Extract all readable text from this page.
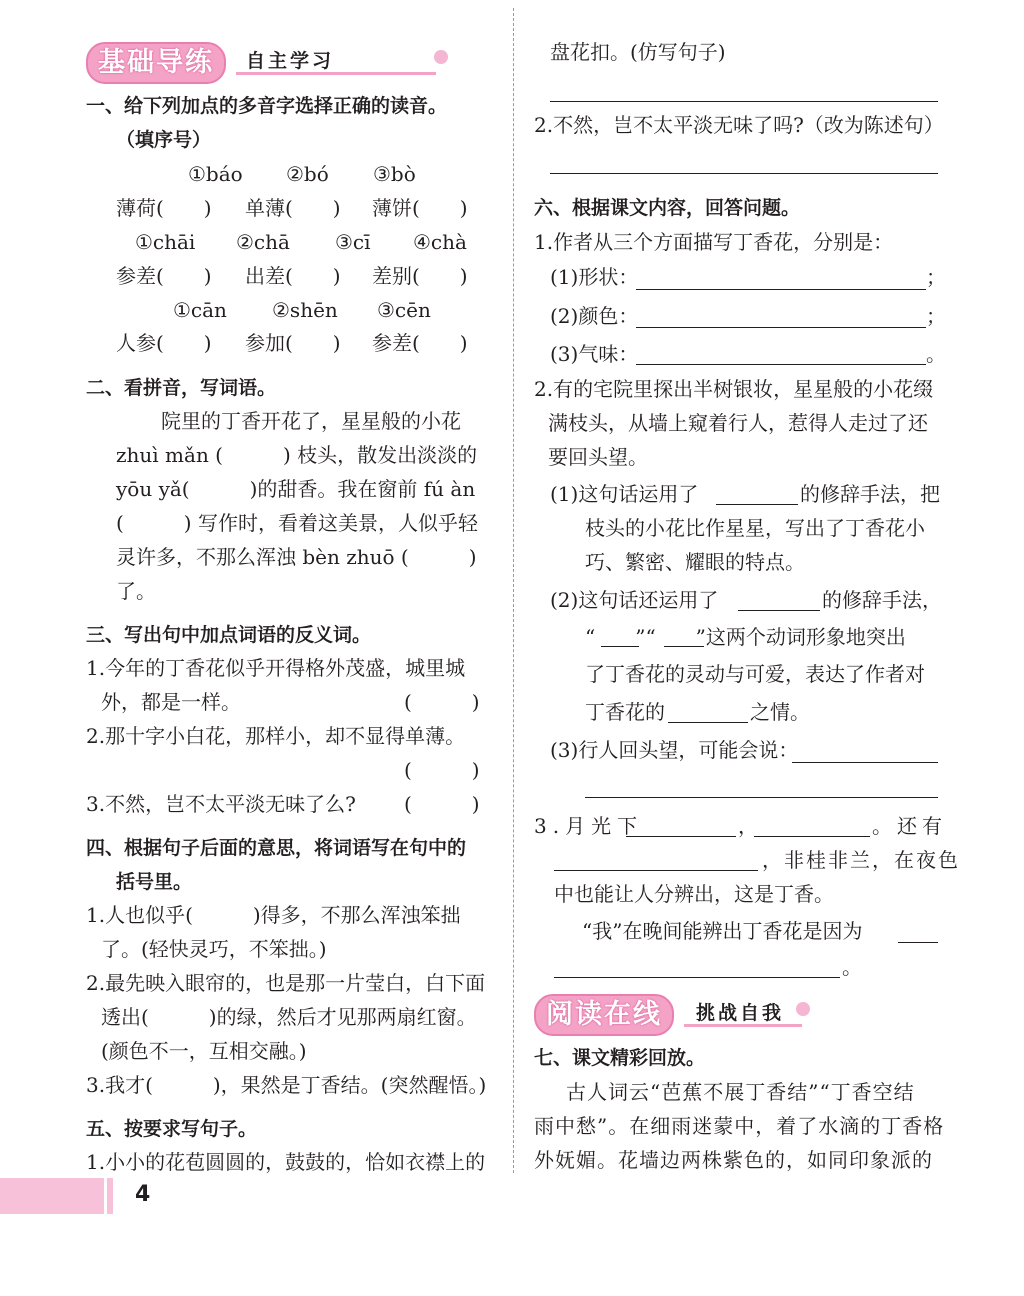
基础导练	自主学习
一、给下列加点的多音字选择正确的读音。
（填序号）
①báo ②bó ③bò
薄荷(　　) 单薄(　　) 薄饼(　　)
①chāi ②chā ③cī ④chà
参差(　　) 出差(　　) 差别(　　)
①cān ②shēn ③cēn
人参(　　) 参加(　　) 参差(　　)
二、看拼音，写词语。
院里的丁香开花了，星星般的小花
zhuì mǎn (　　　) 枝头，散发出淡淡的
yōu yǎ(　　　)的甜香。我在窗前 fú àn
(　　　) 写作时，看着这美景，人似乎轻
灵许多，不那么浑浊 bèn zhuō (　　　)
了。
三、写出句中加点词语的反义词。
1.今年的丁香花似乎开得格外茂盛，城里城
外，都是一样。	(　　　)
2.那十字小白花，那样小，却不显得单薄。
(　　　)
3.不然，岂不太平淡无味了么? (　　　)
四、根据句子后面的意思，将词语写在句中的
括号里。
1.人也似乎(　　　)得多，不那么浑浊笨拙
了。(轻快灵巧，不笨拙。)
2.最先映入眼帘的，也是那一片莹白，白下面
透出(　　　)的绿，然后才见那两扇红窗。
(颜色不一，互相交融。)
3.我才(　　　)，果然是丁香结。(突然醒悟。)
五、按要求写句子。
1.小小的花苞圆圆的，鼓鼓的，恰如衣襟上的
盘花扣。(仿写句子)
2.不然，岂不太平淡无味了吗?（改为陈述句）
六、根据课文内容，回答问题。
1.作者从三个方面描写丁香花，分别是：
(1)形状：	；
(2)颜色：	；
(3)气味：	。
2.有的宅院里探出半树银妆，星星般的小花缀
满枝头，从墙上窥着行人，惹得人走过了还
要回头望。
(1)这句话运用了	的修辞手法，把
枝头的小花比作星星，写出了丁香花小
巧、繁密、耀眼的特点。
(2)这句话还运用了	的修辞手法，
“　　”“　　”这两个动词形象地突出
了丁香花的灵动与可爱，表达了作者对
丁香花的	之情。
(3)行人回头望，可能会说：
3.月光下	，	。还有
，非桂非兰，在夜色
中也能让人分辨出，这是丁香。
“我”在晚间能辨出丁香花是因为
。
阅读在线	挑战自我
七、课文精彩回放。
古人词云“芭蕉不展丁香结”“丁香空结
雨中愁”。在细雨迷蒙中，着了水滴的丁香格
外妩媚。花墙边两株紫色的，如同印象派的
4
